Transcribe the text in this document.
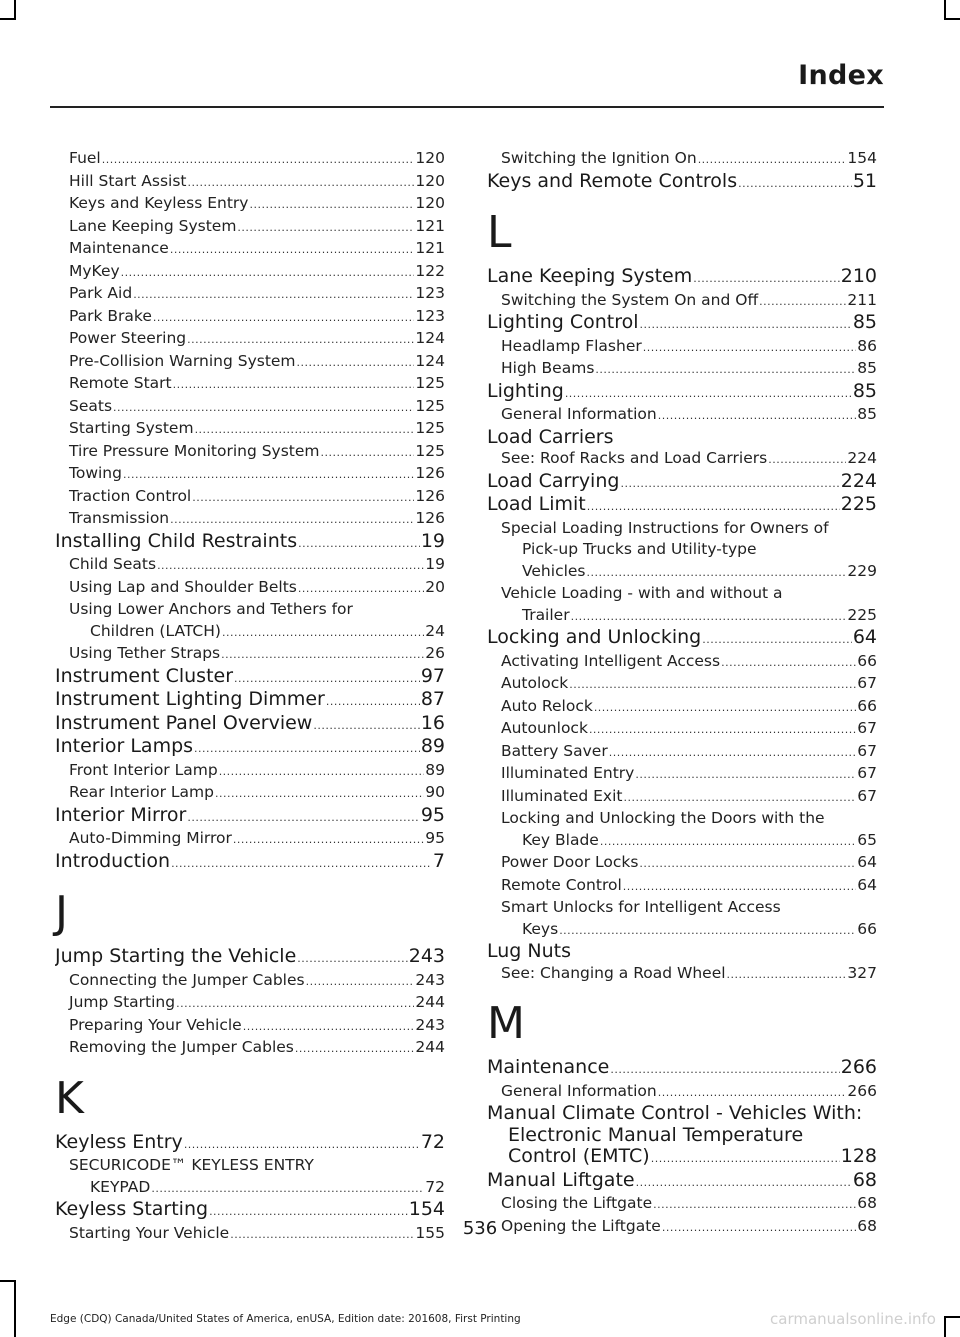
Index
Fuel .....	120
Hill Start Assist .....	120
Keys and Keyless Entry .....	120
Lane Keeping System .....	121
Maintenance .....	121
MyKey .....	122
Park Aid .....	123
Park Brake .....	123
Power Steering .....	124
Pre-Collision Warning System .....	124
Remote Start .....	125
Seats .....	125
Starting System .....	125
Tire Pressure Monitoring System .....	125
Towing .....	126
Traction Control .....	126
Transmission .....	126
Installing Child Restraints .....	19
Child Seats .....	19
Using Lap and Shoulder Belts .....	20
Using Lower Anchors and Tethers for
Children (LATCH) .....	24
Using Tether Straps .....	26
Instrument Cluster .....	97
Instrument Lighting Dimmer .....	87
Instrument Panel Overview .....	16
Interior Lamps .....	89
Front Interior Lamp .....	89
Rear Interior Lamp .....	90
Interior Mirror .....	95
Auto-Dimming Mirror .....	95
Introduction .....	7
J
Jump Starting the Vehicle .....	243
Connecting the Jumper Cables .....	243
Jump Starting .....	244
Preparing Your Vehicle .....	243
Removing the Jumper Cables .....	244
K
Keyless Entry .....	72
SECURICODE™ KEYLESS ENTRY
KEYPAD .....	72
Keyless Starting .....	154
Starting Your Vehicle .....	155
Switching the Ignition On .....	154
Keys and Remote Controls .....	51
L
Lane Keeping System .....	210
Switching the System On and Off .....	211
Lighting Control .....	85
Headlamp Flasher .....	86
High Beams .....	85
Lighting .....	85
General Information .....	85
Load Carriers
See: Roof Racks and Load Carriers .....	224
Load Carrying .....	224
Load Limit .....	225
Special Loading Instructions for Owners of
Pick-up Trucks and Utility-type
Vehicles .....	229
Vehicle Loading - with and without a
Trailer .....	225
Locking and Unlocking .....	64
Activating Intelligent Access .....	66
Autolock .....	67
Auto Relock .....	66
Autounlock .....	67
Battery Saver .....	67
Illuminated Entry .....	67
Illuminated Exit .....	67
Locking and Unlocking the Doors with the
Key Blade .....	65
Power Door Locks .....	64
Remote Control .....	64
Smart Unlocks for Intelligent Access
Keys .....	66
Lug Nuts
See: Changing a Road Wheel .....	327
M
Maintenance .....	266
General Information .....	266
Manual Climate Control - Vehicles With:
Electronic Manual Temperature
Control (EMTC) .....	128
Manual Liftgate .....	68
Closing the Liftgate .....	68
Opening the Liftgate .....	68
536
Edge (CDQ) Canada/United States of America, enUSA, Edition date: 201608, First Printing	carmanualsonline.info
